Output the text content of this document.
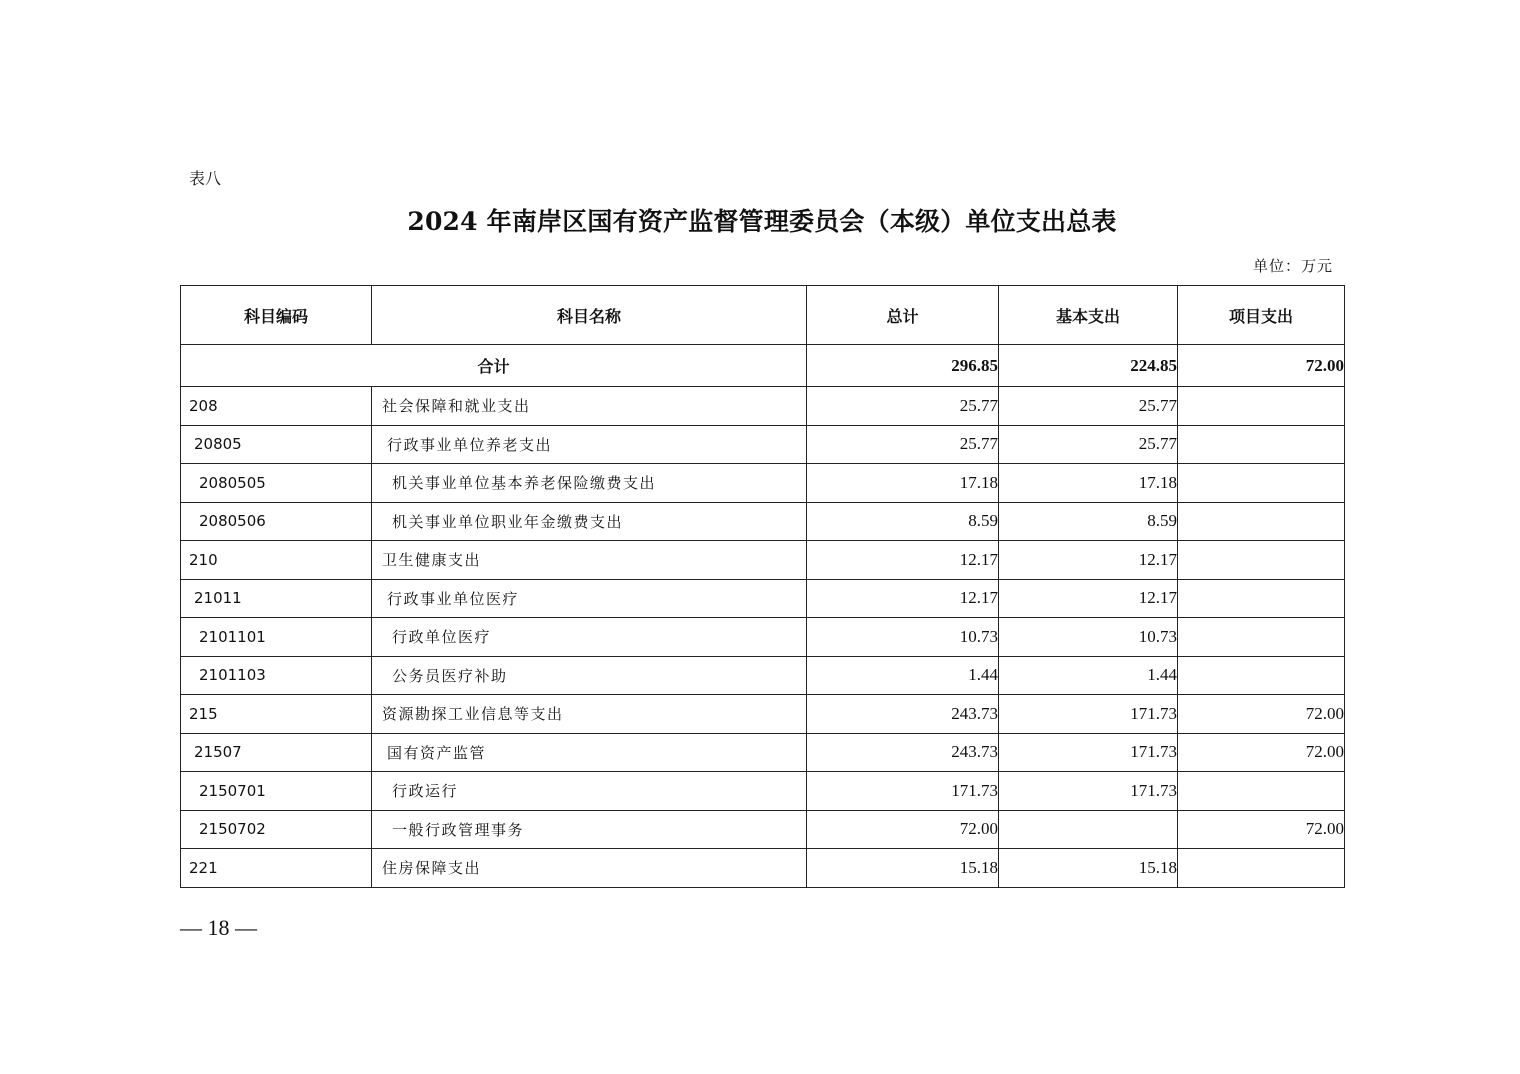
表八
2024 年南岸区国有资产监督管理委员会（本级）单位支出总表
单位：万元
科目编码	科目名称	总计	基本支出	项目支出
合计		296.85	224.85	72.00
208	社会保障和就业支出	25.77	25.77	
20805	行政事业单位养老支出	25.77	25.77	
2080505	机关事业单位基本养老保险缴费支出	17.18	17.18	
2080506	机关事业单位职业年金缴费支出	8.59	8.59	
210	卫生健康支出	12.17	12.17	
21011	行政事业单位医疗	12.17	12.17	
2101101	行政单位医疗	10.73	10.73	
2101103	公务员医疗补助	1.44	1.44	
215	资源勘探工业信息等支出	243.73	171.73	72.00
21507	国有资产监管	243.73	171.73	72.00
2150701	行政运行	171.73	171.73	
2150702	一般行政管理事务	72.00		72.00
221	住房保障支出	15.18	15.18	
— 18 —
